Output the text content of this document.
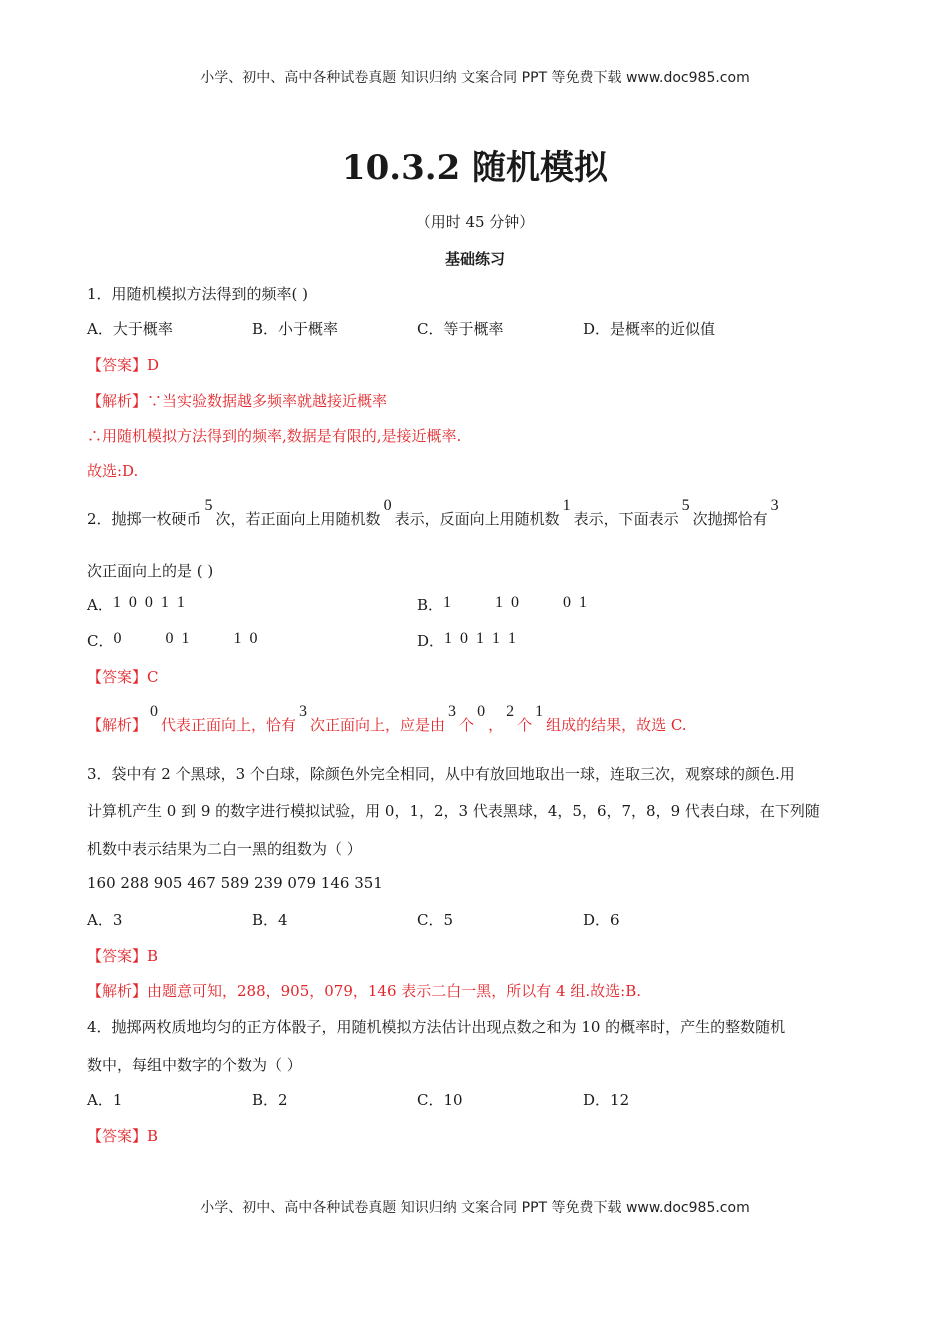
小学、初中、高中各种试卷真题 知识归纳 文案合同 PPT 等免费下载 www.doc985.com
10.3.2 随机模拟
（用时 45 分钟）
基础练习
1．用随机模拟方法得到的频率( )
A．大于概率	B．小于概率	C．等于概率	D．是概率的近似值
【答案】D
【解析】∵当实验数据越多频率就越接近概率
∴用随机模拟方法得到的频率,数据是有限的,是接近概率.
故选:D.
2．抛掷一枚硬币5次，若正面向上用随机数0表示，反面向上用随机数1表示，下面表示5次抛掷恰有3
次正面向上的是 ( )
A．1 0 0 1 1	B．1       1 0       0 1
C．0       0 1       1 0	D．1 0 1 1 1
【答案】C
【解析】0代表正面向上，恰有3次正面向上，应是由3个0，2个1组成的结果，故选 C.
3．袋中有 2 个黑球，3 个白球，除颜色外完全相同，从中有放回地取出一球，连取三次，观察球的颜色.用
计算机产生 0 到 9 的数字进行模拟试验，用 0，1，2，3 代表黑球，4，5，6，7，8，9 代表白球，在下列随
机数中表示结果为二白一黑的组数为（ ）
160 288 905 467 589 239 079 146 351
A．3	B．4	C．5	D．6
【答案】B
【解析】由题意可知，288，905，079，146 表示二白一黑，所以有 4 组.故选:B.
4．抛掷两枚质地均匀的正方体骰子，用随机模拟方法估计出现点数之和为 10 的概率时，产生的整数随机
数中，每组中数字的个数为（ ）
A．1	B．2	C．10	D．12
【答案】B
小学、初中、高中各种试卷真题 知识归纳 文案合同 PPT 等免费下载 www.doc985.com
